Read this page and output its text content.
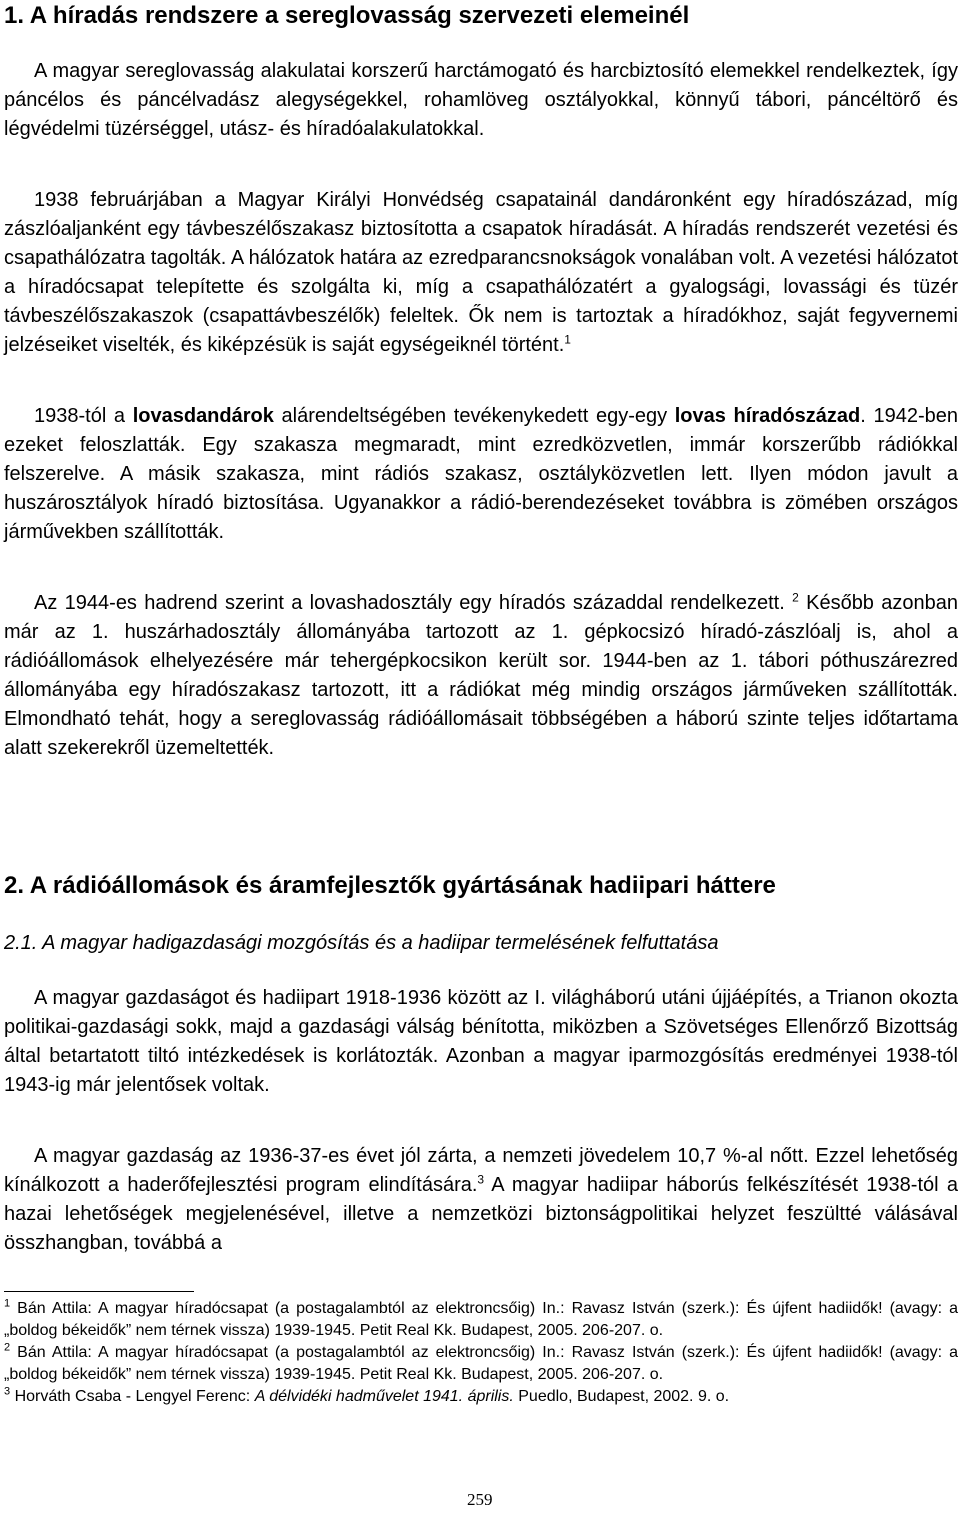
1. A híradás rendszere a sereglovasság szervezeti elemeinél

A magyar sereglovasság alakulatai korszerű harctámogató és harcbiztosító elemekkel rendelkeztek, így páncélos és páncélvadász alegységekkel, rohamlöveg osztályokkal, könnyű tábori, páncéltörő és légvédelmi tüzérséggel, utász- és híradóalakulatokkal.

1938 februárjában a Magyar Királyi Honvédség csapatainál dandáronként egy híradószázad, míg zászlóaljanként egy távbeszélőszakasz biztosította a csapatok híradását. A híradás rendszerét vezetési és csapathálózatra tagolták. A hálózatok határa az ezredparancsnokságok vonalában volt. A vezetési hálózatot a híradócsapat telepítette és szolgálta ki, míg a csapathálózatért a gyalogsági, lovassági és tüzér távbeszélőszakaszok (csapattávbeszélők) feleltek. Ők nem is tartoztak a híradókhoz, saját fegyvernemi jelzéseiket viselték, és kiképzésük is saját egységeiknél történt.$^1$

1938-tól a lovasdandárok alárendeltségében tevékenykedett egy-egy lovas híradószázad. 1942-ben ezeket feloszlatták. Egy szakasza megmaradt, mint ezredközvetlen, immár korszerűbb rádiókkal felszerelve. A másik szakasza, mint rádiós szakasz, osztályközvetlen lett. Ilyen módon javult a huszárosztályok híradó biztosítása. Ugyanakkor a rádió-berendezéseket továbbra is zömében országos járművekben szállították.

Az 1944-es hadrend szerint a lovashadosztály egy híradós századdal rendelkezett. $^2$ Később azonban már az 1. huszárhadosztály állományába tartozott az 1. gépkocsizó híradó-zászlóalj is, ahol a rádióállomások elhelyezésére már tehergépkocsikon került sor. 1944-ben az 1. tábori póthuszárezred állományába egy híradószakasz tartozott, itt a rádiókat még mindig országos járműveken szállították. Elmondható tehát, hogy a sereglovasság rádióállomásait többségében a háború szinte teljes időtartama alatt szekerekről üzemeltették.

2. A rádióállomások és áramfejlesztők gyártásának hadiipari háttere
2.1. A magyar hadigazdasági mozgósítás és a hadiipar termelésének felfuttatása

A magyar gazdaságot és hadiipart 1918-1936 között az I. világháború utáni újjáépítés, a Trianon okozta politikai-gazdasági sokk, majd a gazdasági válság bénította, miközben a Szövetséges Ellenőrző Bizottság által betartatott tiltó intézkedések is korlátozták. Azonban a magyar iparmozgósítás eredményei 1938-tól 1943-ig már jelentősek voltak.

A magyar gazdaság az 1936-37-es évet jól zárta, a nemzeti jövedelem 10,7 %-al nőtt. Ezzel lehetőség kínálkozott a haderőfejlesztési program elindítására.$^3$ A magyar hadiipar háborús felkészítését 1938-tól a hazai lehetőségek megjelenésével, illetve a nemzetközi biztonságpolitikai helyzet feszültté válásával összhangban, továbbá a

$^1$ Bán Attila: A magyar híradócsapat (a postagalambtól az elektroncsőig) In.: Ravasz István (szerk.): És újfent hadiidők! (avagy: a „boldog békeidők” nem térnek vissza) 1939-1945. Petit Real Kk. Budapest, 2005. 206-207. o.

$^2$ Bán Attila: A magyar híradócsapat (a postagalambtól az elektroncsőig) In.: Ravasz István (szerk.): És újfent hadiidők! (avagy: a „boldog békeidők” nem térnek vissza) 1939-1945. Petit Real Kk. Budapest, 2005. 206-207. o.

$^3$ Horváth Csaba - Lengyel Ferenc: A délvidéki hadművelet 1941. április. Puedlo, Budapest, 2002. 9. o.

259
